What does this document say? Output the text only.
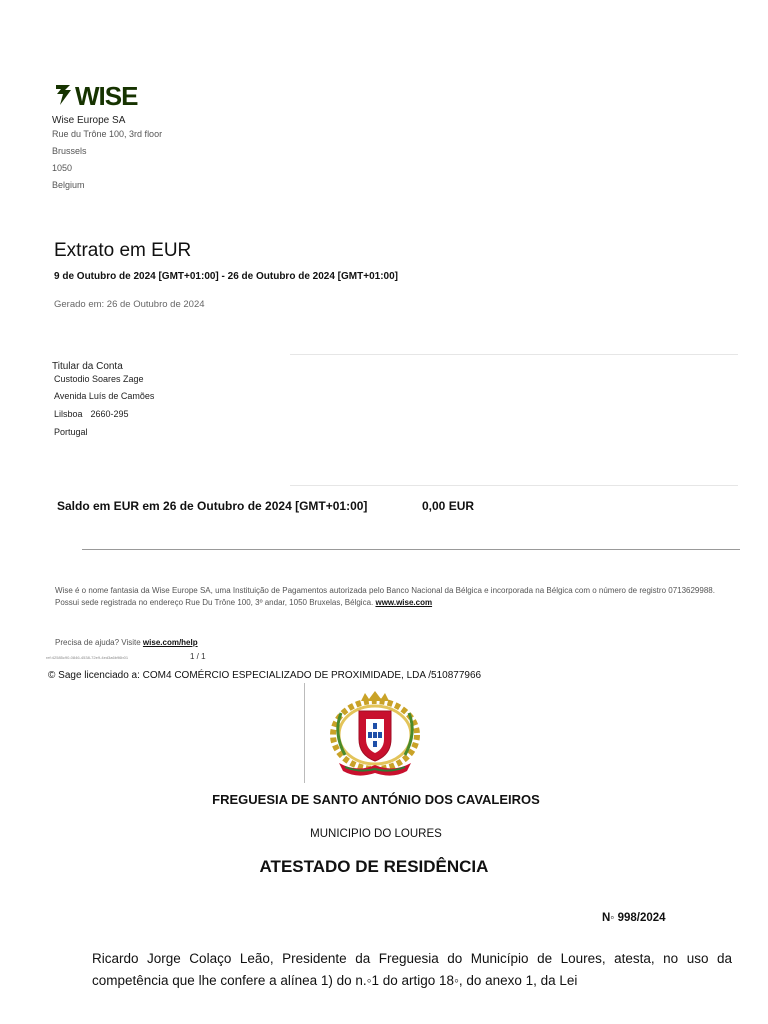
WISE
Wise Europe SA
Rue du Trône 100, 3rd floor
Brussels
1050
Belgium
Extrato em EUR
9 de Outubro de 2024 [GMT+01:00] - 26 de Outubro de 2024 [GMT+01:00]
Gerado em: 26 de Outubro de 2024
Titular da Conta
Custodio Soares Zage
Avenida Luís de Camões
Lilsboa 2660-295
Portugal
Saldo em EUR em 26 de Outubro de 2024 [GMT+01:00]	0,00 EUR
Wise é o nome fantasia da Wise Europe SA, uma Instituição de Pagamentos autorizada pelo Banco Nacional da Bélgica e incorporada na Bélgica com o número de registro 0713629988. Possui sede registrada no endereço Rue Du Trône 100, 3º andar, 1050 Bruxelas, Bélgica. www.wise.com
Precisa de ajuda? Visite wise.com/help
ref:42585c90-0846-4538-72e9-4ed3a6b96b01	1 / 1
© Sage licenciado a: COM4 COMÉRCIO ESPECIALIZADO DE PROXIMIDADE, LDA /510877966
FREGUESIA DE SANTO ANTÓNIO DOS CAVALEIROS
MUNICIPIO DO LOURES
ATESTADO DE RESIDÊNCIA
N◦ 998/2024
Ricardo Jorge Colaço Leão, Presidente da Freguesia do Município de Loures, atesta, no uso da competência que lhe confere a alínea 1) do n.◦1 do artigo 18◦, do anexo 1, da Lei
